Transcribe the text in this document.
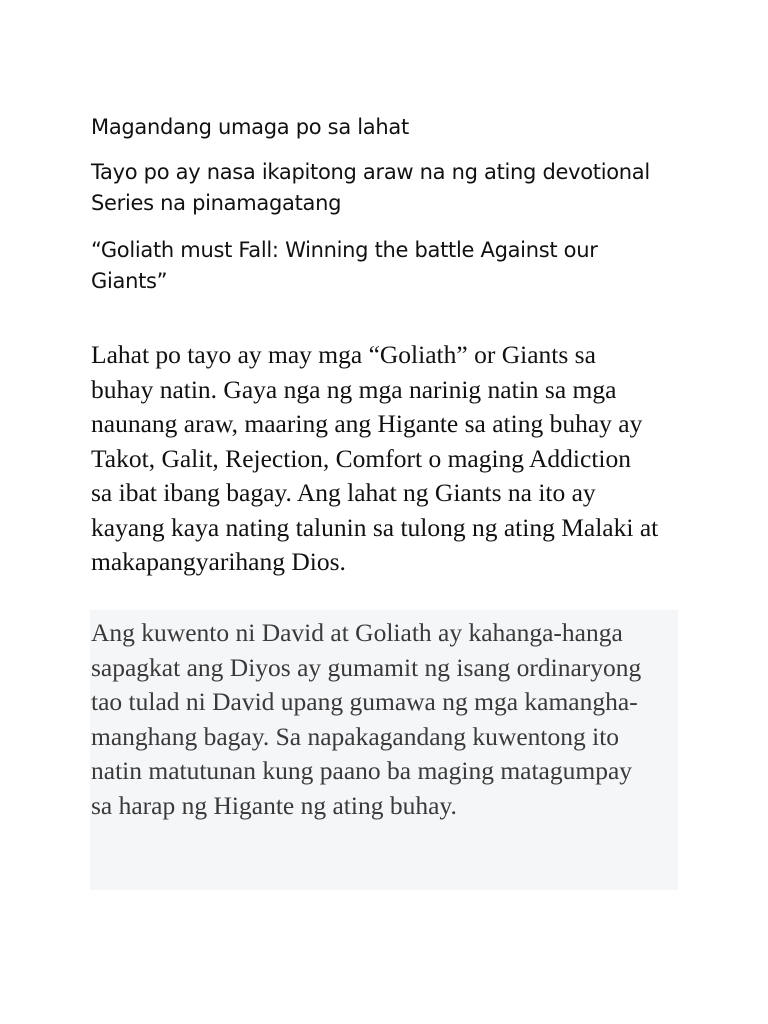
Magandang umaga po sa lahat

Tayo po ay nasa ikapitong araw na ng ating devotional
Series na pinamagatang

“Goliath must Fall: Winning the battle Against our
Giants”

Lahat po tayo ay may mga “Goliath” or Giants sa
buhay natin. Gaya nga ng mga narinig natin sa mga
naunang araw, maaring ang Higante sa ating buhay ay
Takot, Galit, Rejection, Comfort o maging Addiction
sa ibat ibang bagay. Ang lahat ng Giants na ito ay
kayang kaya nating talunin sa tulong ng ating Malaki at
makapangyarihang Dios.

Ang kuwento ni David at Goliath ay kahanga-hanga
sapagkat ang Diyos ay gumamit ng isang ordinaryong
tao tulad ni David upang gumawa ng mga kamangha-
manghang bagay. Sa napakagandang kuwentong ito
natin matutunan kung paano ba maging matagumpay
sa harap ng Higante ng ating buhay.
